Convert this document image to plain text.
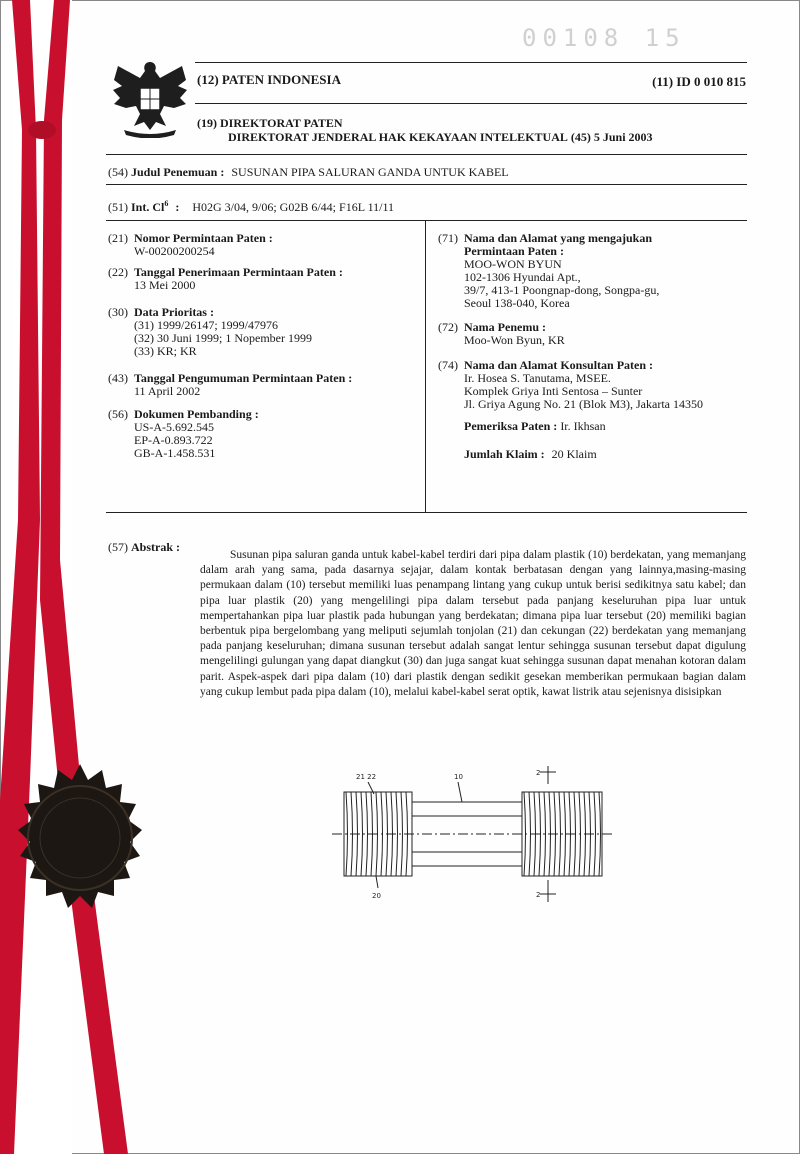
00108 15
(12) PATEN INDONESIA	(11) ID 0 010 815
(19) DIREKTORAT PATEN
DIREKTORAT JENDERAL HAK KEKAYAAN INTELEKTUAL (45) 5 Juni 2003
(54) Judul Penemuan : SUSUNAN PIPA SALURAN GANDA UNTUK KABEL
(51) Int. Cl$^6$ : H02G 3/04, 9/06; G02B 6/44; F16L 11/11
(21) Nomor Permintaan Paten :
W-00200200254
(22) Tanggal Penerimaan Permintaan Paten :
13 Mei 2000
(30) Data Prioritas :
(31) 1999/26147; 1999/47976
(32) 30 Juni 1999; 1 Nopember 1999
(33) KR; KR
(43) Tanggal Pengumuman Permintaan Paten :
11 April 2002
(56) Dokumen Pembanding :
US-A-5.692.545
EP-A-0.893.722
GB-A-1.458.531
(71) Nama dan Alamat yang mengajukan
Permintaan Paten :
MOO-WON BYUN
102-1306 Hyundai Apt.,
39/7, 413-1 Poongnap-dong, Songpa-gu,
Seoul 138-040, Korea
(72) Nama Penemu :
Moo-Won Byun, KR
(74) Nama dan Alamat Konsultan Paten :
Ir. Hosea S. Tanutama, MSEE.
Komplek Griya Inti Sentosa – Sunter
Jl. Griya Agung No. 21 (Blok M3), Jakarta 14350
Pemeriksa Paten : Ir. Ikhsan
Jumlah Klaim : 20 Klaim
(57) Abstrak :
Susunan pipa saluran ganda untuk kabel-kabel terdiri dari pipa dalam plastik (10) berdekatan, yang memanjang dalam arah yang sama, pada dasarnya sejajar, dalam kontak berbatasan dengan yang lainnya,masing-masing permukaan dalam (10) tersebut memiliki luas penampang lintang yang cukup untuk berisi sedikitnya satu kabel; dan pipa luar plastik (20) yang mengelilingi pipa dalam tersebut pada panjang keseluruhan pipa luar untuk mempertahankan pipa luar plastik pada hubungan yang berdekatan; dimana pipa luar tersebut (20) memiliki bagian berbentuk pipa bergelombang yang meliputi sejumlah tonjolan (21) dan cekungan (22) berdekatan yang memanjang pada panjang keseluruhan; dimana susunan tersebut adalah sangat lentur sehingga susunan tersebut dapat digulung mengelilingi gulungan yang dapat diangkut (30) dan juga sangat kuat sehingga susunan dapat menahan kotoran dalam parit. Aspek-aspek dari pipa dalam (10) dari plastik dengan sedikit gesekan memberikan permukaan bagian dalam yang cukup lembut pada pipa dalam (10), melalui kabel-kabel serat optik, kawat listrik atau sejenisnya disisipkan
21 22	10
20
2
2
